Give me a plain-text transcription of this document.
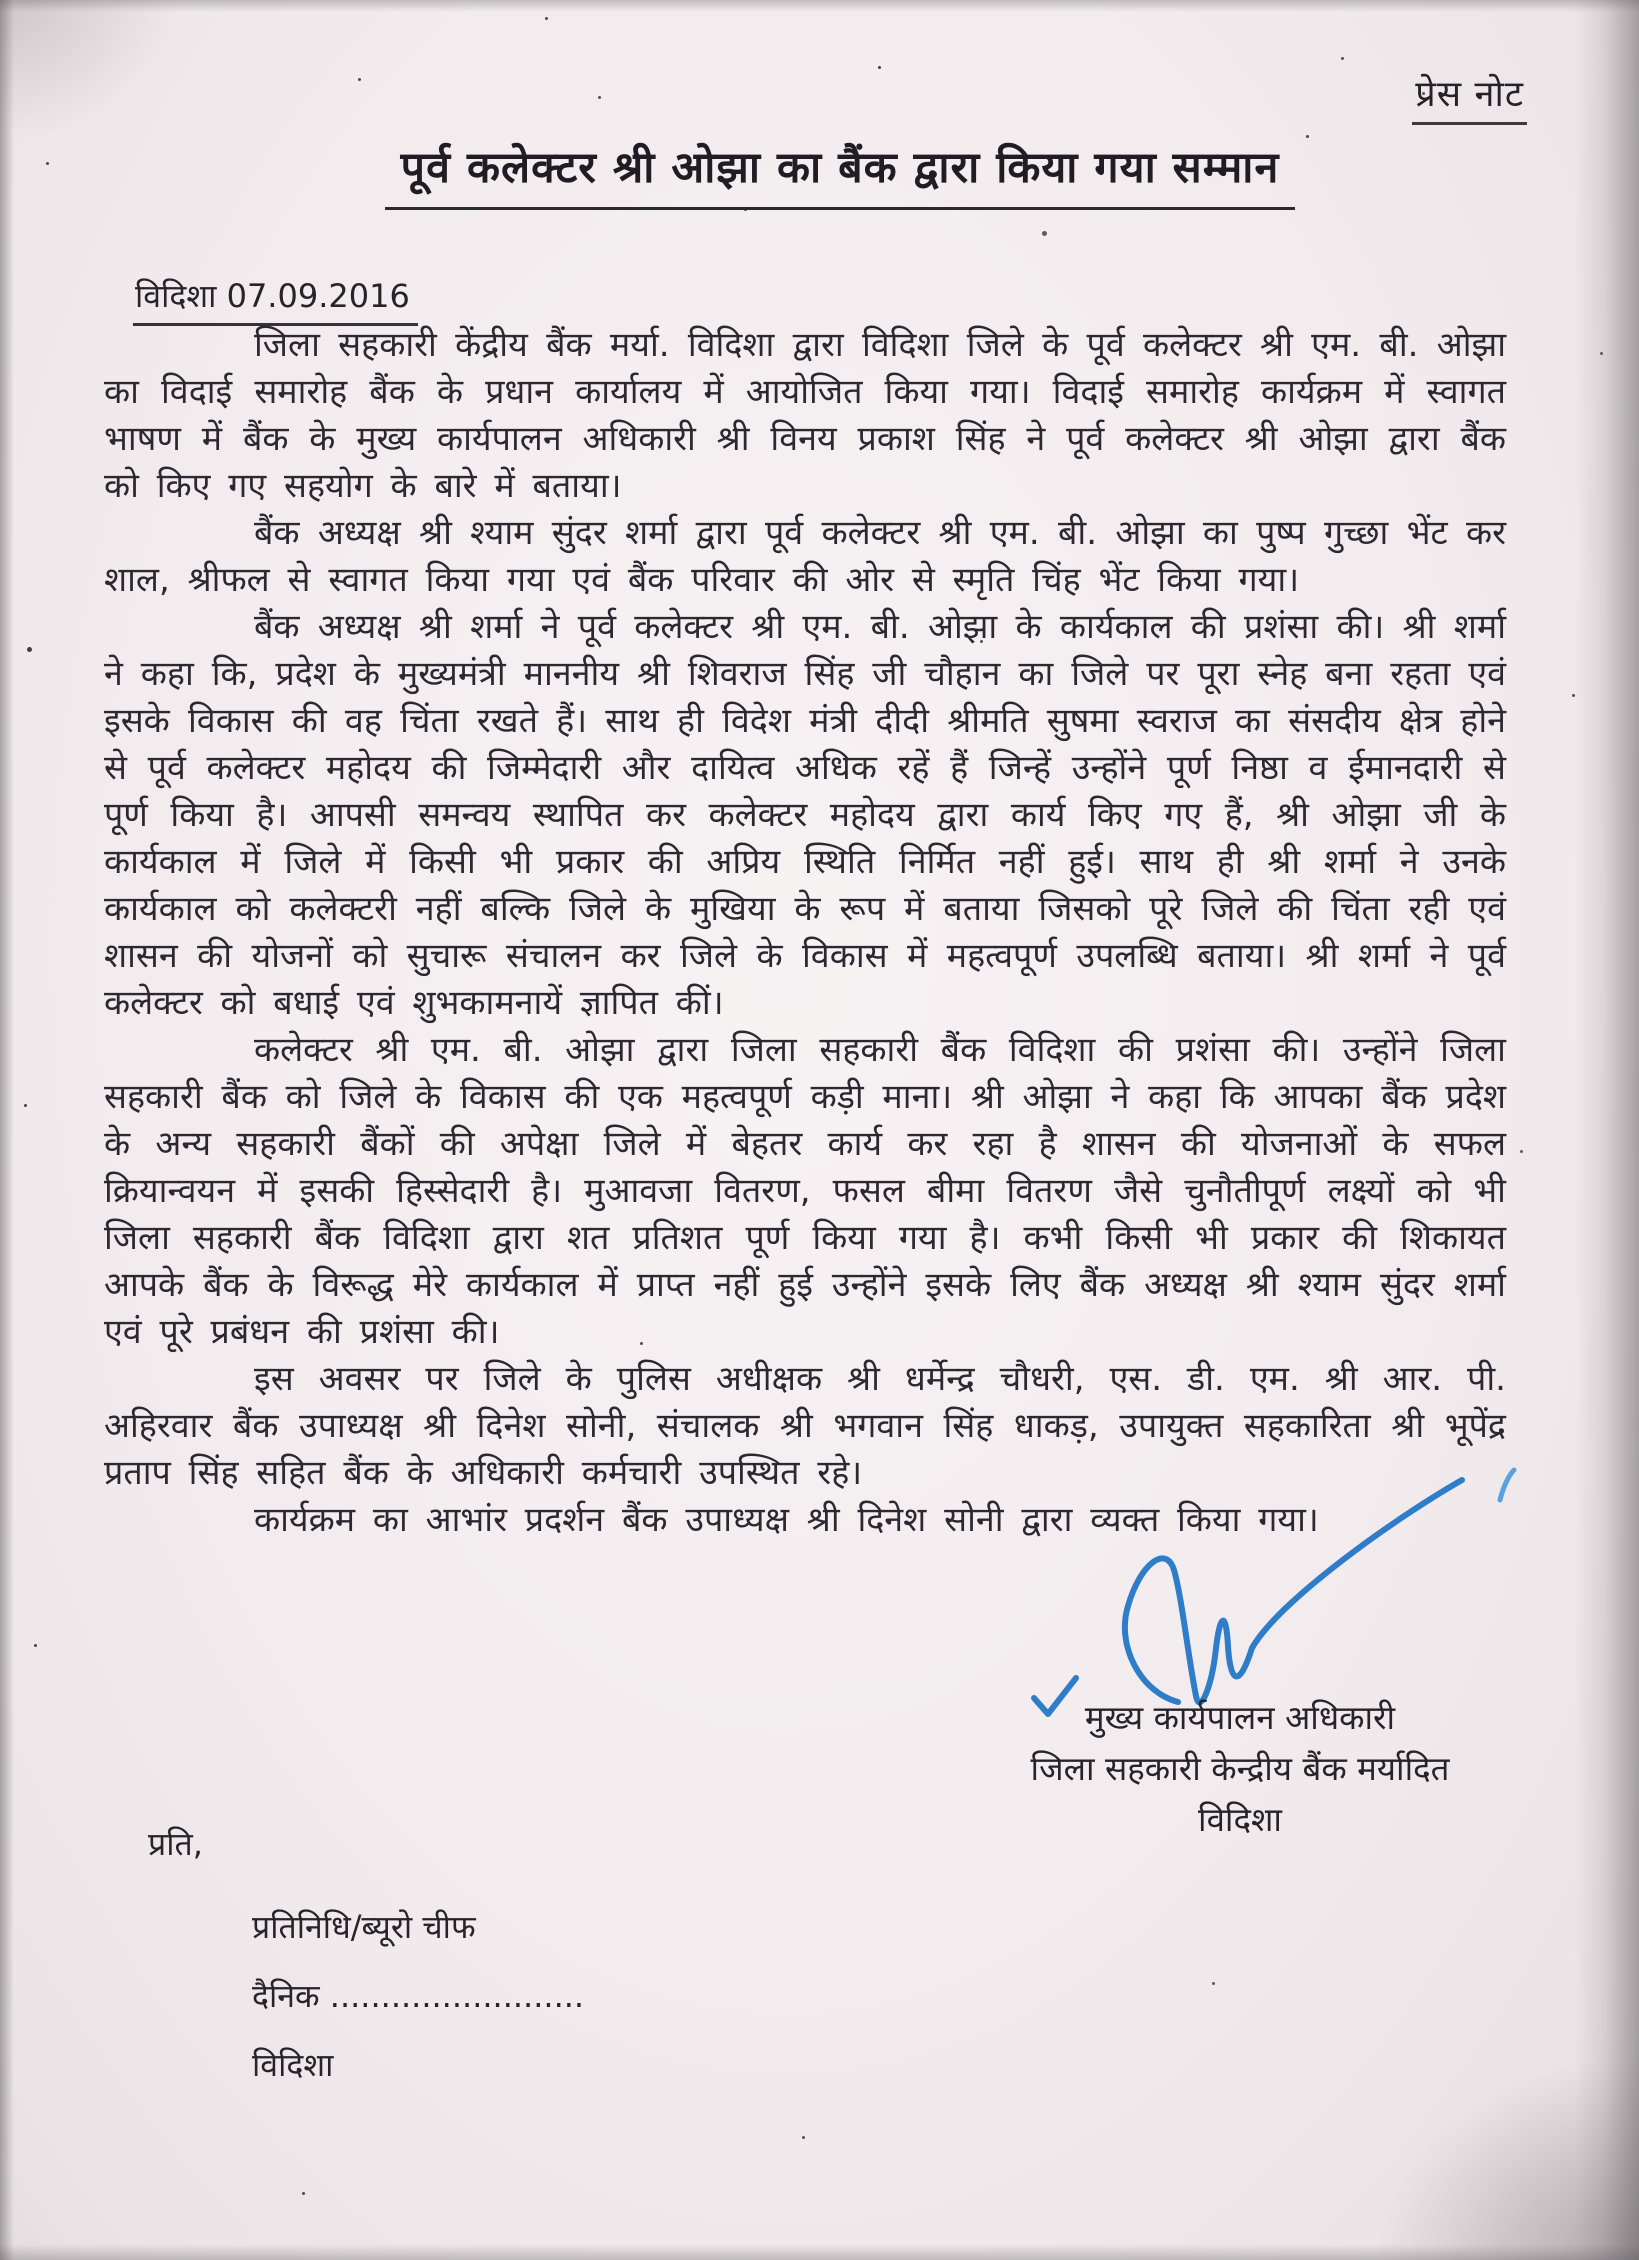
प्रेस नोट
पूर्व कलेक्टर श्री ओझा का बैंक द्वारा किया गया सम्मान
विदिशा 07.09.2016

जिला सहकारी केंद्रीय बैंक मर्या. विदिशा द्वारा विदिशा जिले के पूर्व कलेक्टर श्री एम. बी. ओझा का विदाई समारोह बैंक के प्रधान कार्यालय में आयोजित किया गया। विदाई समारोह कार्यक्रम में स्वागत भाषण में बैंक के मुख्य कार्यपालन अधिकारी श्री विनय प्रकाश सिंह ने पूर्व कलेक्टर श्री ओझा द्वारा बैंक को किए गए सहयोग के बारे में बताया।

बैंक अध्यक्ष श्री श्याम सुंदर शर्मा द्वारा पूर्व कलेक्टर श्री एम. बी. ओझा का पुष्प गुच्छा भेंट कर शाल, श्रीफल से स्वागत किया गया एवं बैंक परिवार की ओर से स्मृति चिंह भेंट किया गया।

बैंक अध्यक्ष श्री शर्मा ने पूर्व कलेक्टर श्री एम. बी. ओझा के कार्यकाल की प्रशंसा की। श्री शर्मा ने कहा कि, प्रदेश के मुख्यमंत्री माननीय श्री शिवराज सिंह जी चौहान का जिले पर पूरा स्नेह बना रहता एवं इसके विकास की वह चिंता रखते हैं। साथ ही विदेश मंत्री दीदी श्रीमति सुषमा स्वराज का संसदीय क्षेत्र होने से पूर्व कलेक्टर महोदय की जिम्मेदारी और दायित्व अधिक रहें हैं जिन्हें उन्होंने पूर्ण निष्ठा व ईमानदारी से पूर्ण किया है। आपसी समन्वय स्थापित कर कलेक्टर महोदय द्वारा कार्य किए गए हैं, श्री ओझा जी के कार्यकाल में जिले में किसी भी प्रकार की अप्रिय स्थिति निर्मित नहीं हुई। साथ ही श्री शर्मा ने उनके कार्यकाल को कलेक्टरी नहीं बल्कि जिले के मुखिया के रूप में बताया जिसको पूरे जिले की चिंता रही एवं शासन की योजनों को सुचारू संचालन कर जिले के विकास में महत्वपूर्ण उपलब्धि बताया। श्री शर्मा ने पूर्व कलेक्टर को बधाई एवं शुभकामनायें ज्ञापित कीं।

कलेक्टर श्री एम. बी. ओझा द्वारा जिला सहकारी बैंक विदिशा की प्रशंसा की। उन्होंने जिला सहकारी बैंक को जिले के विकास की एक महत्वपूर्ण कड़ी माना। श्री ओझा ने कहा कि आपका बैंक प्रदेश के अन्य सहकारी बैंकों की अपेक्षा जिले में बेहतर कार्य कर रहा है शासन की योजनाओं के सफल क्रियान्वयन में इसकी हिस्सेदारी है। मुआवजा वितरण, फसल बीमा वितरण जैसे चुनौतीपूर्ण लक्ष्यों को भी जिला सहकारी बैंक विदिशा द्वारा शत प्रतिशत पूर्ण किया गया है। कभी किसी भी प्रकार की शिकायत आपके बैंक के विरूद्ध मेरे कार्यकाल में प्राप्त नहीं हुई उन्होंने इसके लिए बैंक अध्यक्ष श्री श्याम सुंदर शर्मा एवं पूरे प्रबंधन की प्रशंसा की।

इस अवसर पर जिले के पुलिस अधीक्षक श्री धर्मेन्द्र चौधरी, एस. डी. एम. श्री आर. पी. अहिरवार बैंक उपाध्यक्ष श्री दिनेश सोनी, संचालक श्री भगवान सिंह धाकड़, उपायुक्त सहकारिता श्री भूपेंद्र प्रताप सिंह सहित बैंक के अधिकारी कर्मचारी उपस्थित रहे।

कार्यक्रम का आभांर प्रदर्शन बैंक उपाध्यक्ष श्री दिनेश सोनी द्वारा व्यक्त किया गया।

मुख्य कार्यपालन अधिकारी
जिला सहकारी केन्द्रीय बैंक मर्यादित
विदिशा
प्रति,
प्रतिनिधि/ब्यूरो चीफ
दैनिक .........................
विदिशा
